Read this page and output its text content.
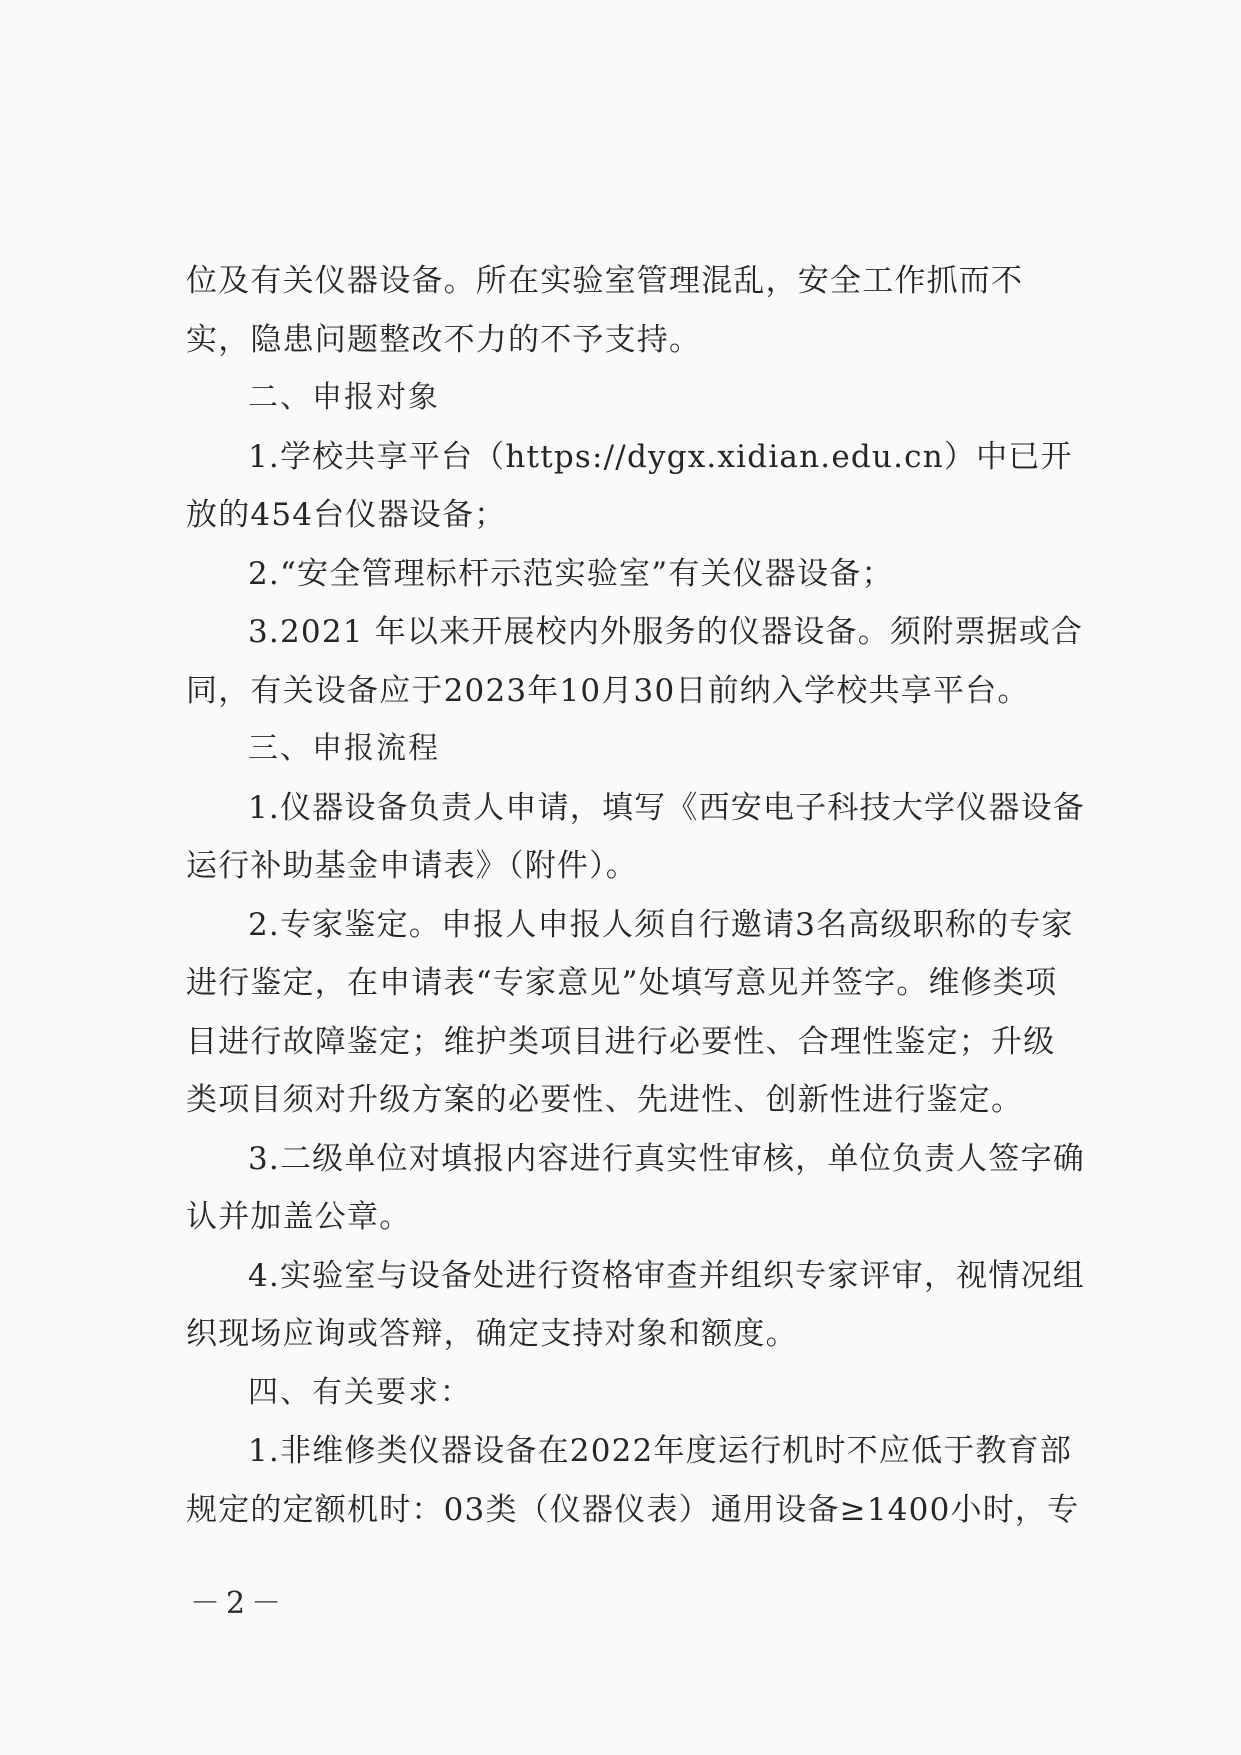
位及有关仪器设备。所在实验室管理混乱，安全工作抓而不实，隐患问题整改不力的不予支持。

二、申报对象

1.学校共享平台（https://dygx.xidian.edu.cn）中已开放的454台仪器设备；

2.“安全管理标杆示范实验室”有关仪器设备；

3.2021 年以来开展校内外服务的仪器设备。须附票据或合同，有关设备应于2023年10月30日前纳入学校共享平台。

三、申报流程

1.仪器设备负责人申请，填写《西安电子科技大学仪器设备运行补助基金申请表》（附件）。

2.专家鉴定。申报人申报人须自行邀请3名高级职称的专家进行鉴定，在申请表“专家意见”处填写意见并签字。维修类项目进行故障鉴定；维护类项目进行必要性、合理性鉴定；升级类项目须对升级方案的必要性、先进性、创新性进行鉴定。

3.二级单位对填报内容进行真实性审核，单位负责人签字确认并加盖公章。

4.实验室与设备处进行资格审查并组织专家评审，视情况组织现场应询或答辩，确定支持对象和额度。

四、有关要求：

1.非维修类仪器设备在2022年度运行机时不应低于教育部规定的定额机时：03类（仪器仪表）通用设备≥1400小时，专

－2－
